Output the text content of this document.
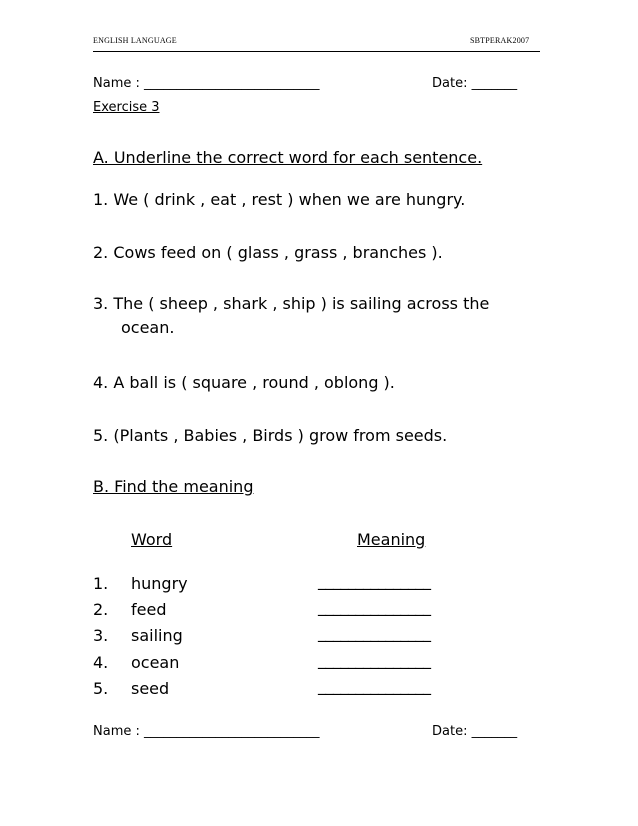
ENGLISH LANGUAGE	SBTPERAK2007
Name : ___________________________	Date: _______
Exercise 3
A. Underline the correct word for each sentence.
1. We ( drink , eat , rest ) when we are hungry.
2. Cows feed on ( glass , grass , branches ).
3. The ( sheep , shark , ship ) is sailing across the
ocean.
4. A ball is ( square , round , oblong ).
5. (Plants , Babies , Birds ) grow from seeds.
B. Find the meaning
Word	Meaning
1. hungry	_______________
2. feed	_______________
3. sailing	_______________
4. ocean	_______________
5. seed	_______________
Name : ___________________________	Date: _______
